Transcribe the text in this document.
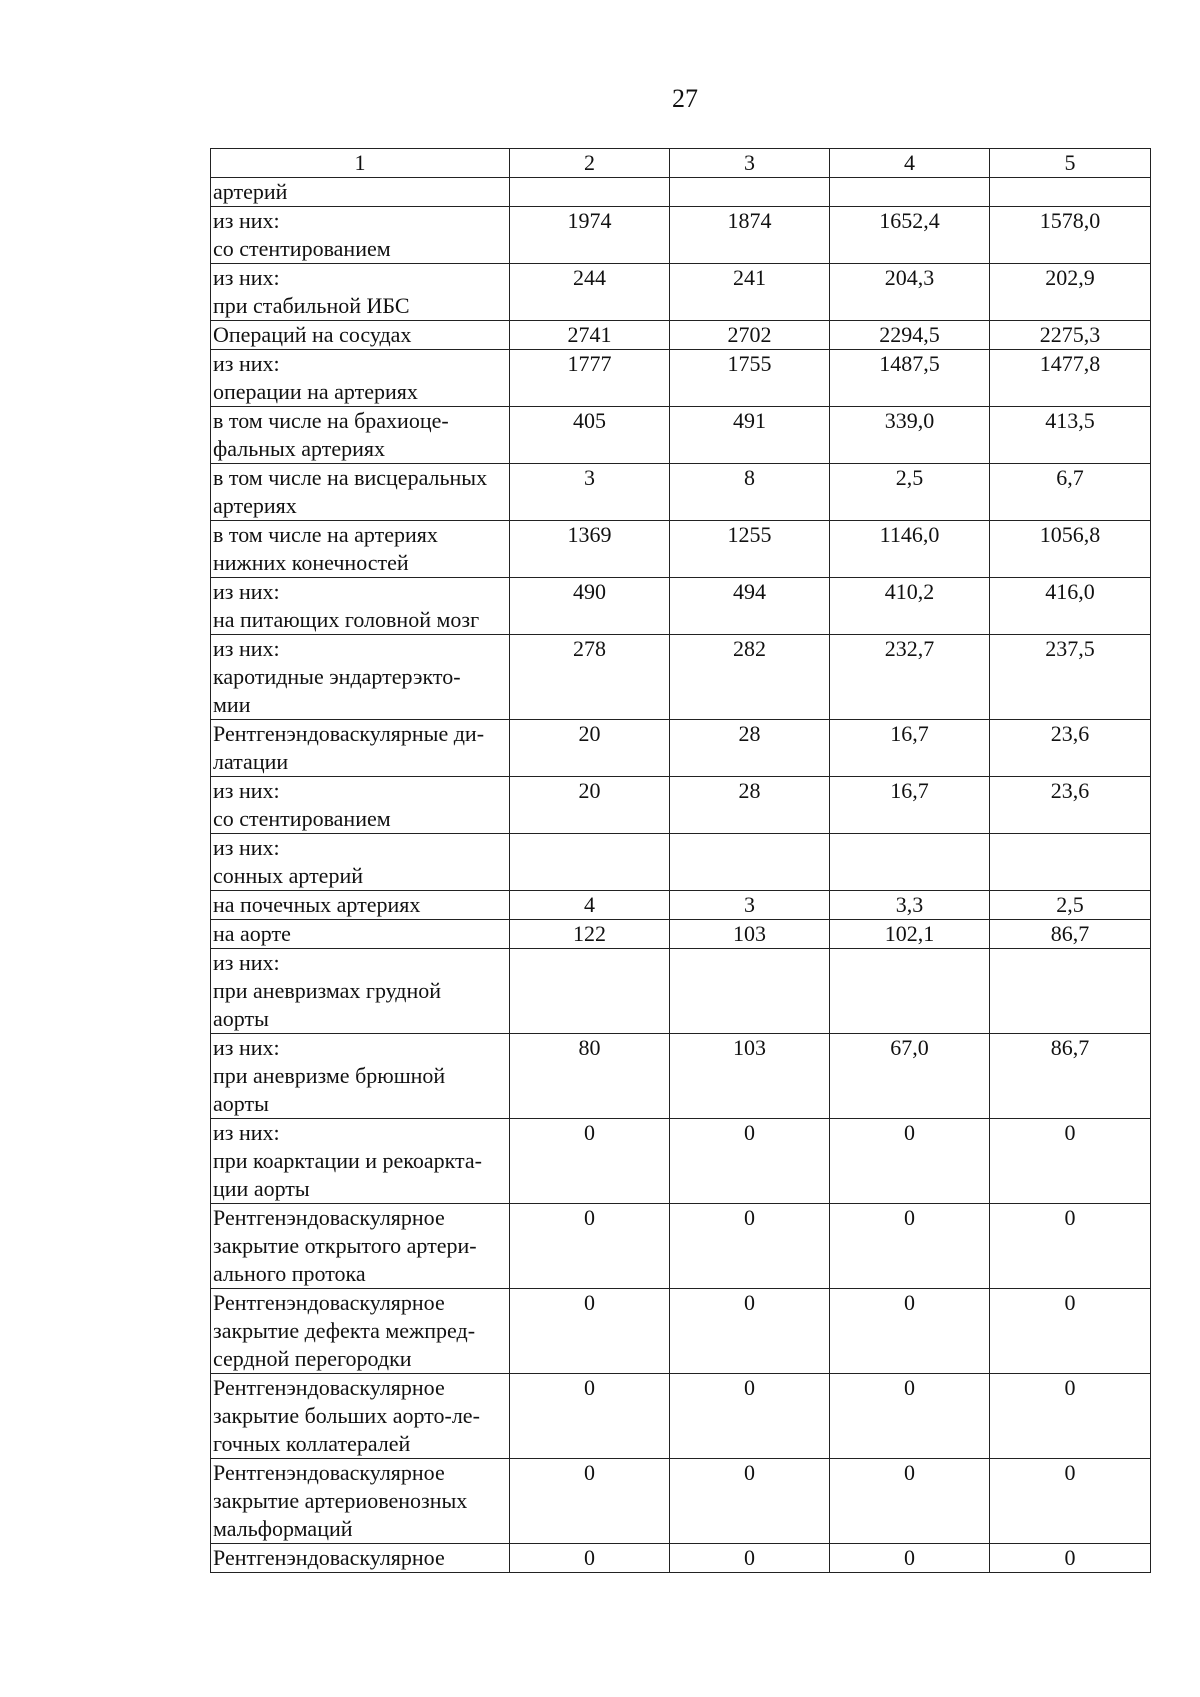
27
1	2	3	4	5

артерий				

из них:
со стентированием	1974	1874	1652,4	1578,0

из них:
при стабильной ИБС	244	241	204,3	202,9

Операций на сосудах	2741	2702	2294,5	2275,3

из них:
операции на артериях	1777	1755	1487,5	1477,8

в том числе на брахиоце-
фальных артериях	405	491	339,0	413,5

в том числе на висцеральных
артериях	3	8	2,5	6,7

в том числе на артериях
нижних конечностей	1369	1255	1146,0	1056,8

из них:
на питающих головной мозг	490	494	410,2	416,0

из них:
каротидные эндартерэкто-
мии	278	282	232,7	237,5

Рентгенэндоваскулярные ди-
латации	20	28	16,7	23,6

из них:
со стентированием	20	28	16,7	23,6

из них:
сонных артерий				

на почечных артериях	4	3	3,3	2,5

на аорте	122	103	102,1	86,7

из них:
при аневризмах грудной
аорты				

из них:
при аневризме брюшной
аорты	80	103	67,0	86,7

из них:
при коарктации и рекоаркта-
ции аорты	0	0	0	0

Рентгенэндоваскулярное
закрытие открытого артери-
ального протока	0	0	0	0

Рентгенэндоваскулярное
закрытие дефекта межпред-
сердной перегородки	0	0	0	0

Рентгенэндоваскулярное
закрытие больших аорто-ле-
гочных коллатералей	0	0	0	0

Рентгенэндоваскулярное
закрытие артериовенозных
мальформаций	0	0	0	0

Рентгенэндоваскулярное	0	0	0	0
